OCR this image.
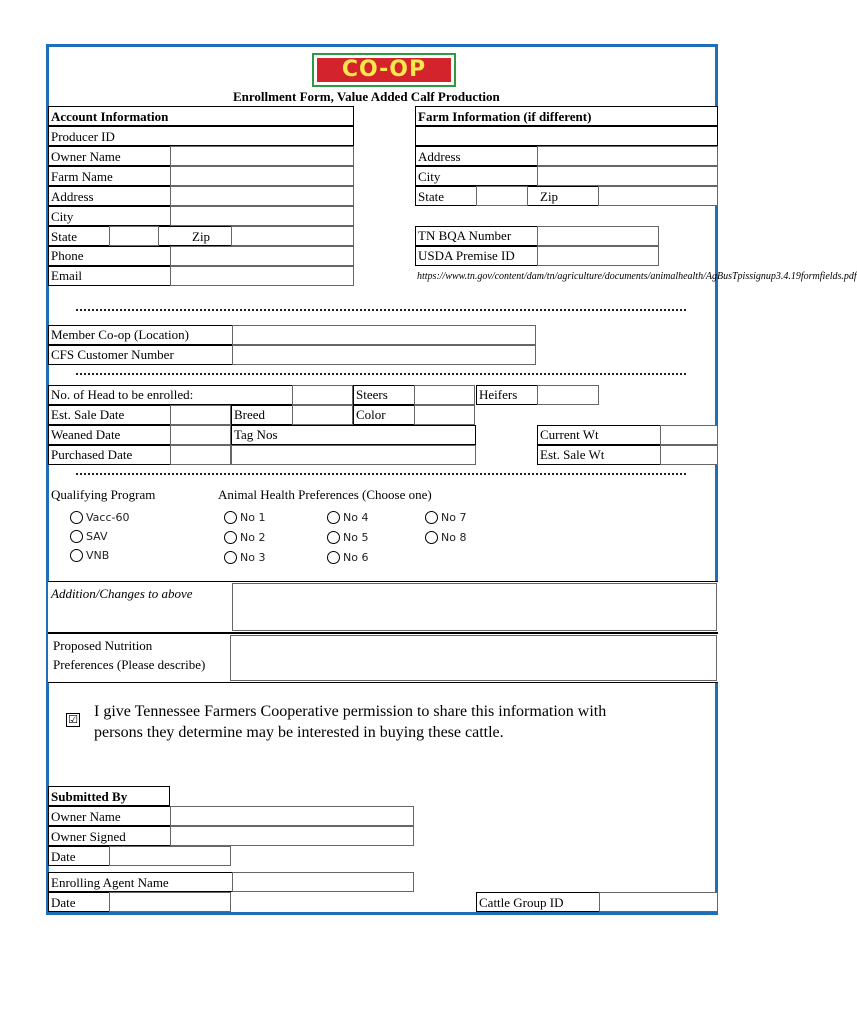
CO-OP
Enrollment Form, Value Added Calf Production
Account Information
Producer ID
Owner Name
Farm Name
Address
City
State	Zip
Phone
Email
Farm Information (if different)
Address
City
State	Zip
TN BQA Number
USDA Premise ID
https://www.tn.gov/content/dam/tn/agriculture/documents/animalhealth/AgBusTpissignup3.4.19formfields.pdf
Member Co-op (Location)
CFS Customer Number
No. of Head to be enrolled:	Steers	Heifers
Est. Sale Date	Breed	Color
Weaned Date	Tag Nos	Current Wt
Purchased Date	Est. Sale Wt
Qualifying Program	Animal Health Preferences (Choose one)
Vacc-60
SAV
VNB
No 1
No 2
No 3
No 4
No 5
No 6
No 7
No 8
Addition/Changes to above
Proposed Nutrition
Preferences (Please describe)
☑ I give Tennessee Farmers Cooperative permission to share this information with
persons they determine may be interested in buying these cattle.
Submitted By
Owner Name
Owner Signed
Date
Enrolling Agent Name
Date	Cattle Group ID
